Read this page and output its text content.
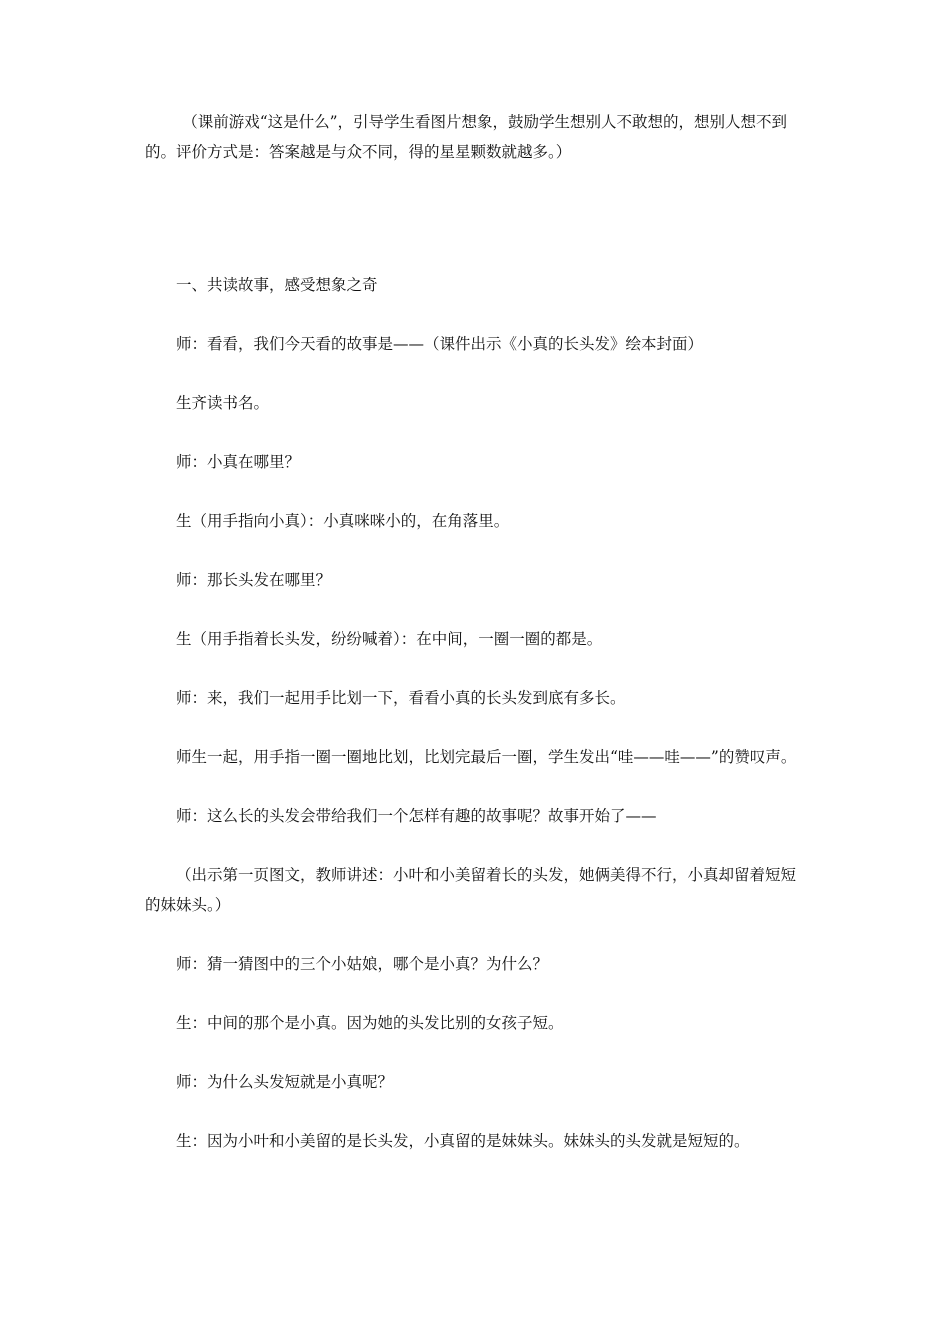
（课前游戏“这是什么”，引导学生看图片想象，鼓励学生想别人不敢想的，想别人想不到的。评价方式是：答案越是与众不同，得的星星颗数就越多。）

一、共读故事，感受想象之奇

师：看看，我们今天看的故事是——（课件出示《小真的长头发》绘本封面）

生齐读书名。

师：小真在哪里？

生（用手指向小真）：小真咪咪小的，在角落里。

师：那长头发在哪里？

生（用手指着长头发，纷纷喊着）：在中间，一圈一圈的都是。

师：来，我们一起用手比划一下，看看小真的长头发到底有多长。

师生一起，用手指一圈一圈地比划，比划完最后一圈，学生发出“哇——哇——”的赞叹声。

师：这么长的头发会带给我们一个怎样有趣的故事呢？故事开始了——

（出示第一页图文，教师讲述：小叶和小美留着长的头发，她俩美得不行，小真却留着短短的妹妹头。）

师：猜一猜图中的三个小姑娘，哪个是小真？为什么？

生：中间的那个是小真。因为她的头发比别的女孩子短。

师：为什么头发短就是小真呢？

生：因为小叶和小美留的是长头发，小真留的是妹妹头。妹妹头的头发就是短短的。
